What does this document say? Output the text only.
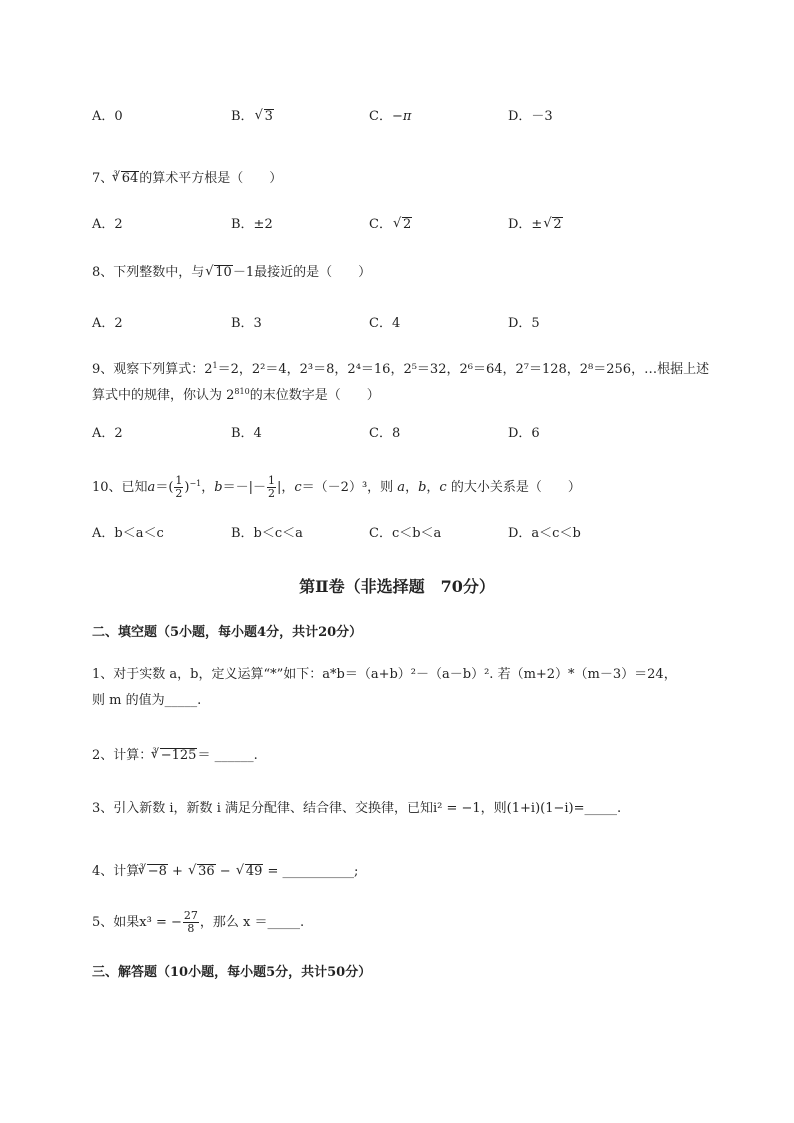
A．0	B． √ 3	C．−π	D．－3
7、$^3$ √ 64的算术平方根是（　　）
A．2	B．±2	C． √ 2	D．± √ 2
8、下列整数中，与 √ 10－1最接近的是（　　）
A．2	B．3	C．4	D．5
9、观察下列算式：$2^1=2$，2²＝4，2³＝8，2⁴＝16，2⁵＝32，2⁶＝64，2⁷＝128，2⁸＝256，…根据上述
算式中的规律，你认为 $2^{810}$的末位数字是（　　）
A．2	B．4	C．8	D．6
10、已知$a=( \frac{1}{2} )^{-1}$，$b=-|- \frac{1}{2}$ |，c＝（－2）³，则 a，b，c 的大小关系是（　　）
A．b＜a＜c	B．b＜c＜a	C．c＜b＜a	D．a＜c＜b
第Ⅱ卷（非选择题　70分）
二、填空题（5小题，每小题4分，共计20分）
1、对于实数 a，b，定义运算“*”如下：a*b＝（a+b）²－（a－b）². 若（m+2）*（m－3）＝24，
则 m 的值为_____.
2、计算：$^3$ √ −125＝ ______.
3、引入新数 i，新数 i 满足分配律、结合律、交换律，已知i² = −1，则(1+i)(1−i)=_____.
4、计算$^3$ √ −8 + √ 36 − √ 49 = ___________;
5、如果x³ = − $\frac{27}{8}$ ，那么 x ＝_____.
三、解答题（10小题，每小题5分，共计50分）
